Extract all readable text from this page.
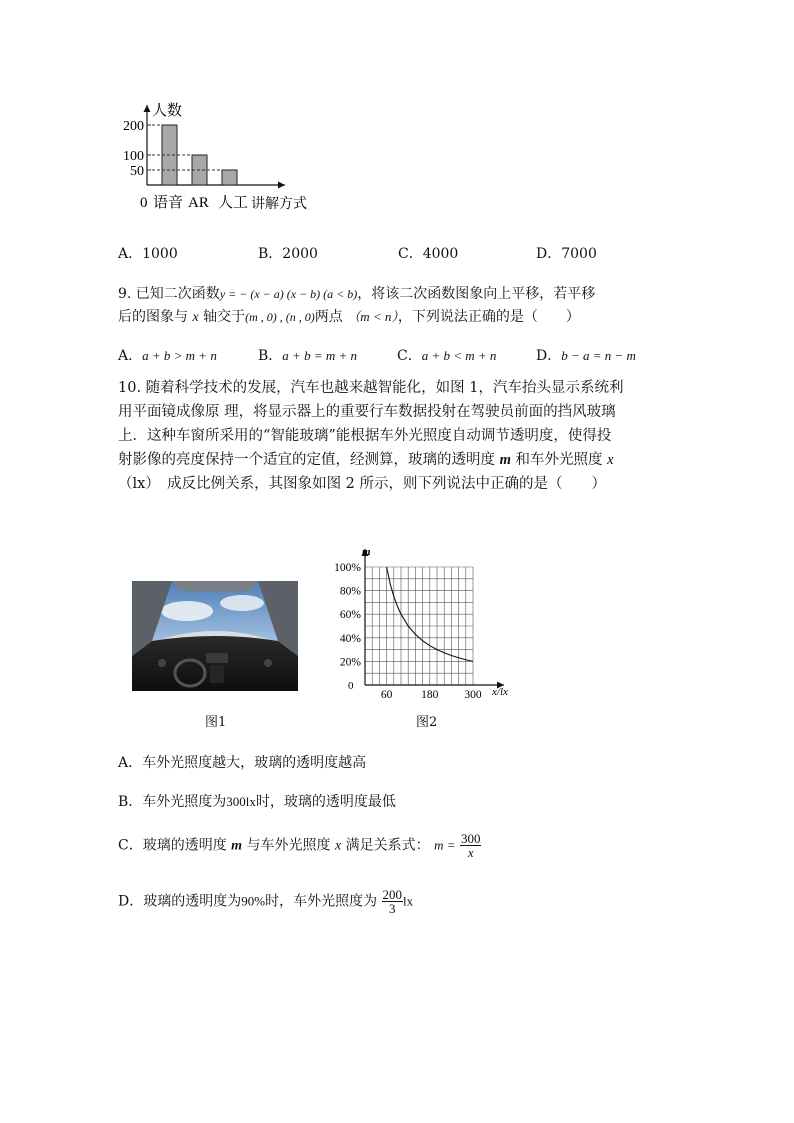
50
100
200
语音 AR 人工
人数
0	讲解方式
A．1000	B．2000	C．4000	D．7000
9. 已知二次函数y = − (x − a) (x − b) (a < b)，将该二次函数图象向上平移，若平移
后的图象与 x 轴交于(m , 0) , (n , 0)两点 （m < n），下列说法正确的是（　　）
A．a + b > m + n	B．a + b = m + n	C．a + b < m + n	D．b − a = n − m
10. 随着科学技术的发展，汽车也越来越智能化，如图 1，汽车抬头显示系统利
用平面镜成像原 理，将显示器上的重要行车数据投射在驾驶员前面的挡风玻璃
上．这种车窗所采用的“智能玻璃”能根据车外光照度自动调节透明度，使得投
射影像的亮度保持一个适宜的定值，经测算，玻璃的透明度 m 和车外光照度 x
（lx）　成反比例关系，其图象如图 2 所示，则下列说法中正确的是（　　）
图1
20%
40%
60%
80%
100%
60	180 300
m
x/lx
0
图2
A．车外光照度越大，玻璃的透明度越高
B．车外光照度为300lx时，玻璃的透明度最低
C．玻璃的透明度 m 与车外光照度 x 满足关系式： $m = \frac{300}{x}$
D．玻璃的透明度为90%时，车外光照度为 $\frac{200}{3}$ lx
